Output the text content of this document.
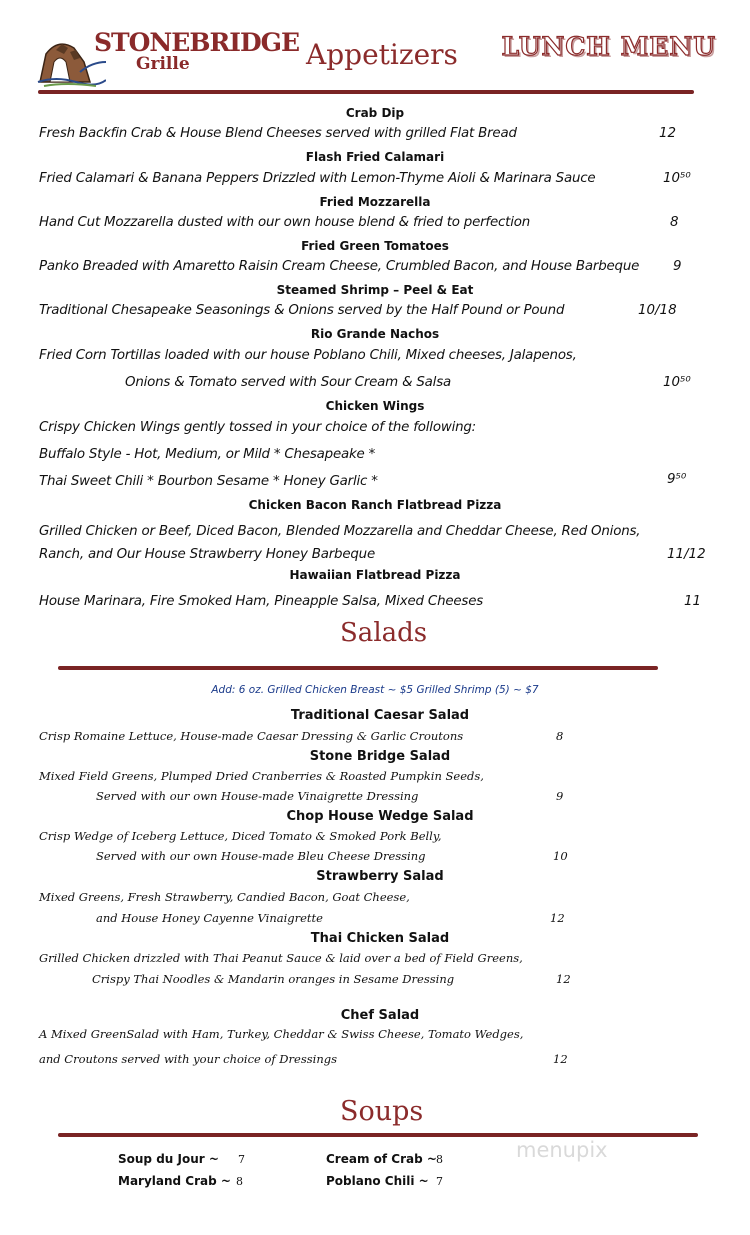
STONEBRIDGE
Grille	Appetizers LUNCH MENU
Crab Dip
Fresh Backfin Crab & House Blend Cheeses served with grilled Flat Bread	12
Flash Fried Calamari
Fried Calamari & Banana Peppers Drizzled with Lemon-Thyme Aioli & Marinara Sauce	10⁵⁰
Fried Mozzarella
Hand Cut Mozzarella dusted with our own house blend & fried to perfection	8
Fried Green Tomatoes
Panko Breaded with Amaretto Raisin Cream Cheese, Crumbled Bacon, and House Barbeque	9
Steamed Shrimp – Peel & Eat
Traditional Chesapeake Seasonings & Onions served by the Half Pound or Pound	10/18
Rio Grande Nachos
Fried Corn Tortillas loaded with our house Poblano Chili, Mixed cheeses, Jalapenos,
Onions & Tomato served with Sour Cream & Salsa	10⁵⁰
Chicken Wings
Crispy Chicken Wings gently tossed in your choice of the following:
Buffalo Style - Hot, Medium, or Mild * Chesapeake *
Thai Sweet Chili * Bourbon Sesame * Honey Garlic *	9⁵⁰
Chicken Bacon Ranch Flatbread Pizza
Grilled Chicken or Beef, Diced Bacon, Blended Mozzarella and Cheddar Cheese, Red Onions,
Ranch, and Our House Strawberry Honey Barbeque	11/12
Hawaiian Flatbread Pizza
House Marinara, Fire Smoked Ham, Pineapple Salsa, Mixed Cheeses	11
Salads
Add: 6 oz. Grilled Chicken Breast ~ $5 Grilled Shrimp (5) ~ $7
Traditional Caesar Salad
Crisp Romaine Lettuce, House-made Caesar Dressing & Garlic Croutons	8
Stone Bridge Salad
Mixed Field Greens, Plumped Dried Cranberries & Roasted Pumpkin Seeds,
Served with our own House-made Vinaigrette Dressing	9
Chop House Wedge Salad
Crisp Wedge of Iceberg Lettuce, Diced Tomato & Smoked Pork Belly,
Served with our own House-made Bleu Cheese Dressing	10
Strawberry Salad
Mixed Greens, Fresh Strawberry, Candied Bacon, Goat Cheese,
and House Honey Cayenne Vinaigrette	12
Thai Chicken Salad
Grilled Chicken drizzled with Thai Peanut Sauce & laid over a bed of Field Greens,
Crispy Thai Noodles & Mandarin oranges in Sesame Dressing	12
Chef Salad
A Mixed GreenSalad with Ham, Turkey, Cheddar & Swiss Cheese, Tomato Wedges,
and Croutons served with your choice of Dressings	12
Soups
Soup du Jour ~ 7	Cream of Crab ~ 8
Maryland Crab ~ 8	Poblano Chili ~ 7
menupix
